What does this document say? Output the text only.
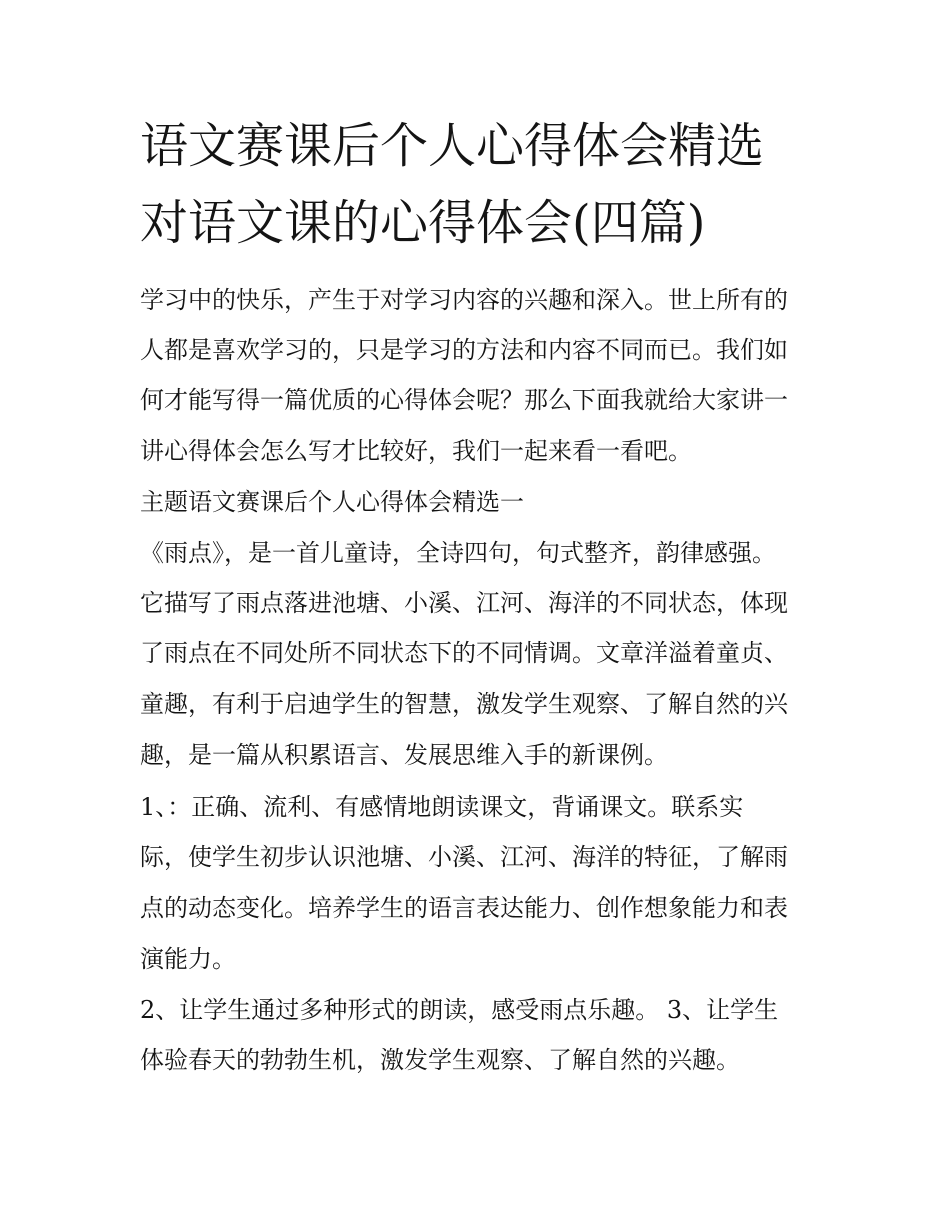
语文赛课后个人心得体会精选
对语文课的心得体会(四篇)

学习中的快乐，产生于对学习内容的兴趣和深入。世上所有的

人都是喜欢学习的，只是学习的方法和内容不同而已。我们如

何才能写得一篇优质的心得体会呢？那么下面我就给大家讲一

讲心得体会怎么写才比较好，我们一起来看一看吧。

主题语文赛课后个人心得体会精选一

《雨点》，是一首儿童诗，全诗四句，句式整齐，韵律感强。

它描写了雨点落进池塘、小溪、江河、海洋的不同状态，体现

了雨点在不同处所不同状态下的不同情调。文章洋溢着童贞、

童趣，有利于启迪学生的智慧，激发学生观察、了解自然的兴

趣，是一篇从积累语言、发展思维入手的新课例。

1、：正确、流利、有感情地朗读课文，背诵课文。联系实

际，使学生初步认识池塘、小溪、江河、海洋的特征，了解雨

点的动态变化。培养学生的语言表达能力、创作想象能力和表

演能力。

2、让学生通过多种形式的朗读，感受雨点乐趣。 3、让学生

体验春天的勃勃生机，激发学生观察、了解自然的兴趣。
